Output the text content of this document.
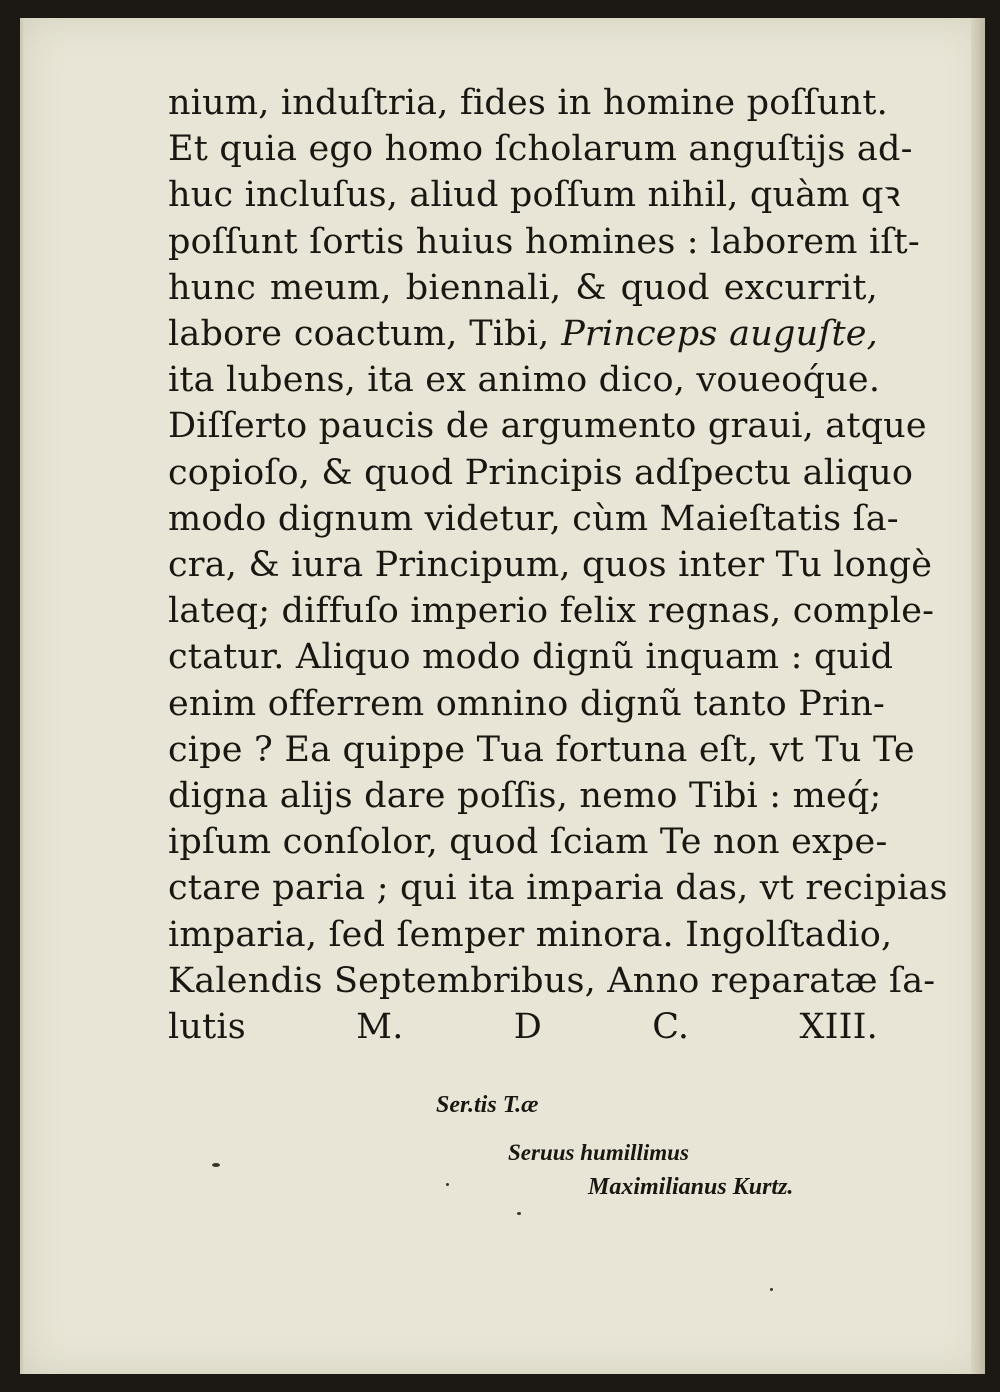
nium, induſtria, fides in homine poſſunt.
Et quia ego homo ſcholarum anguſtijs ad-
huc incluſus, aliud poſſum nihil, quàm qꝛ
poſſunt ſortis huius homines : laborem iſt-
hunc meum, biennali, & quod excurrit,
labore coactum, Tibi, Princeps auguſte,
ita lubens, ita ex animo dico, voueoq́ue.
Diſſerto paucis de argumento graui, atque
copioſo, & quod Principis adſpectu aliquo
modo dignum videtur, cùm Maieſtatis ſa-
cra, & iura Principum, quos inter Tu longè
lateq; diffuſo imperio felix regnas, comple-
ctatur. Aliquo modo dignũ inquam : quid
enim offerrem omnino dignũ tanto Prin-
cipe ? Ea quippe Tua fortuna eſt, vt Tu Te
digna alijs dare poſſis, nemo Tibi : meq́;
ipſum conſolor, quod ſciam Te non expe-
ctare paria ; qui ita imparia das, vt recipias
imparia, ſed ſemper minora. Ingolſtadio,
Kalendis Septembribus, Anno reparatæ ſa-
lutis M. D C. XIII.
Ser.tis T.æ
Seruus humillimus
Maximilianus Kurtz.
